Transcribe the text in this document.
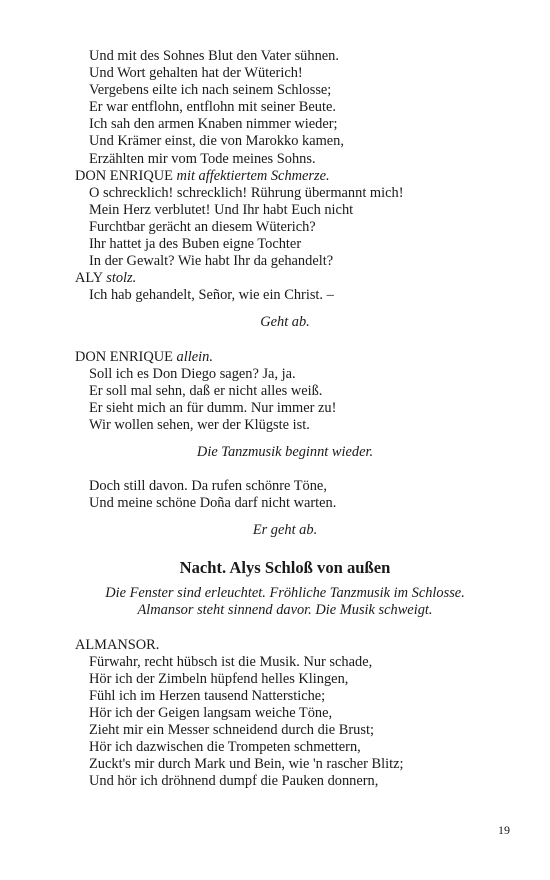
Und mit des Sohnes Blut den Vater sühnen.
Und Wort gehalten hat der Wüterich!
Vergebens eilte ich nach seinem Schlosse;
Er war entflohn, entflohn mit seiner Beute.
Ich sah den armen Knaben nimmer wieder;
Und Krämer einst, die von Marokko kamen,
Erzählten mir vom Tode meines Sohns.
DON ENRIQUE mit affektiertem Schmerze.
O schrecklich! schrecklich! Rührung übermannt mich!
Mein Herz verblutet! Und Ihr habt Euch nicht
Furchtbar gerächt an diesem Wüterich?
Ihr hattet ja des Buben eigne Tochter
In der Gewalt? Wie habt Ihr da gehandelt?
ALY stolz.
Ich hab gehandelt, Señor, wie ein Christ. –
Geht ab.
DON ENRIQUE allein.
Soll ich es Don Diego sagen? Ja, ja.
Er soll mal sehn, daß er nicht alles weiß.
Er sieht mich an für dumm. Nur immer zu!
Wir wollen sehen, wer der Klügste ist.
Die Tanzmusik beginnt wieder.
Doch still davon. Da rufen schönre Töne,
Und meine schöne Doña darf nicht warten.
Er geht ab.
Nacht. Alys Schloß von außen
Die Fenster sind erleuchtet. Fröhliche Tanzmusik im Schlosse.
Almansor steht sinnend davor. Die Musik schweigt.
ALMANSOR.
Fürwahr, recht hübsch ist die Musik. Nur schade,
Hör ich der Zimbeln hüpfend helles Klingen,
Fühl ich im Herzen tausend Natterstiche;
Hör ich der Geigen langsam weiche Töne,
Zieht mir ein Messer schneidend durch die Brust;
Hör ich dazwischen die Trompeten schmettern,
Zuckt's mir durch Mark und Bein, wie 'n rascher Blitz;
Und hör ich dröhnend dumpf die Pauken donnern,
19
